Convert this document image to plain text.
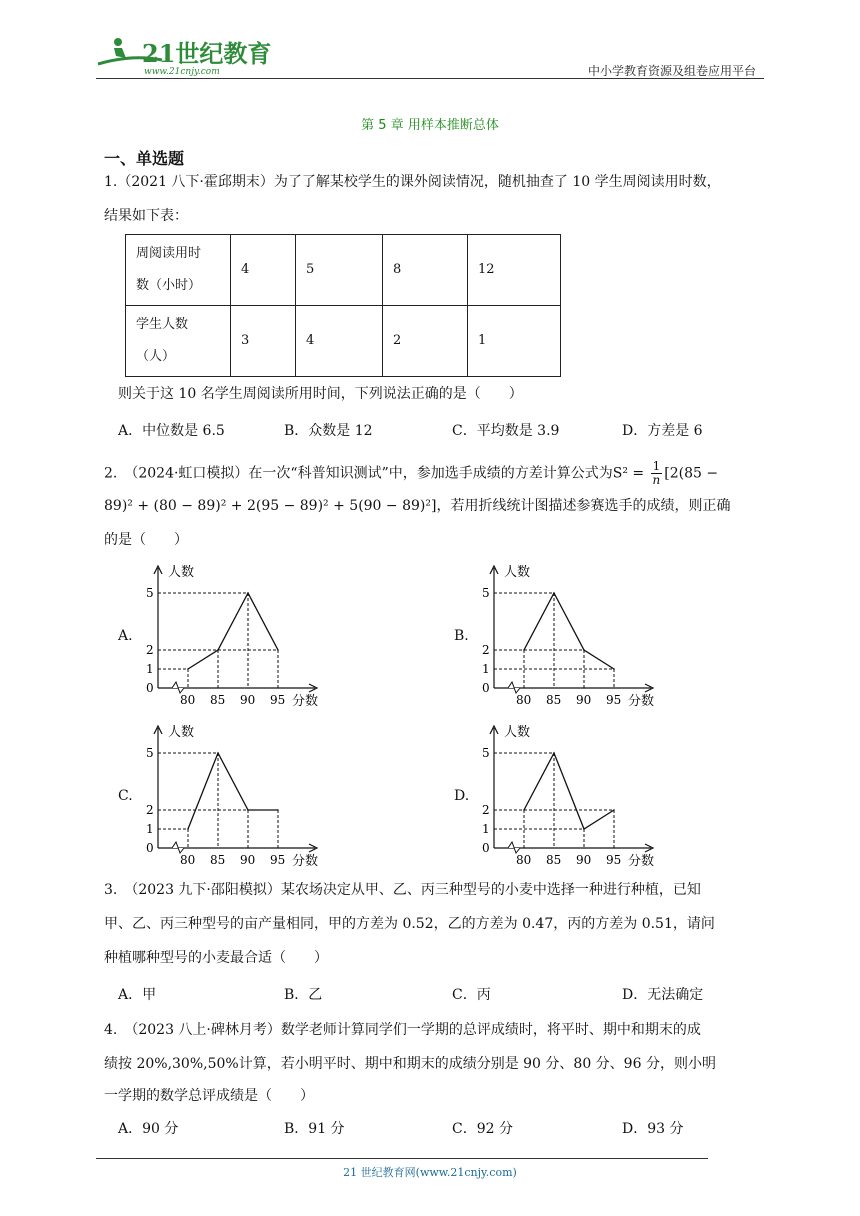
21世纪教育
www.21cnjy.com	中小学教育资源及组卷应用平台
第 5 章 用样本推断总体
一、单选题
1.（2021 八下·霍邱期末）为了了解某校学生的课外阅读情况，随机抽查了 10 学生周阅读用时数，
结果如下表：
周阅读用时
数（小时）	4	5	8	12
学生人数
（人）	3	4	2	1
则关于这 10 名学生周阅读所用时间，下列说法正确的是（　　）
A．中位数是 6.5	B．众数是 12	C．平均数是 3.9	D．方差是 6
2.　（2024·虹口模拟）在一次“科普知识测试”中，参加选手成绩的方差计算公式为$S^2 = \frac{1}{n} [2(85$ −
89)² + (80 − 89)² + 2(95 − 89)² + 5(90 − 89)²]，若用折线统计图描述参赛选手的成绩，则正确
的是（　　）
A.	B.
C.	D.
人数
分数
0
1
2
5
80 85 90 95
人数
分数
0
1
2
5
80 85 90 95
人数
分数
0
1
2
5
80 85 90 95
人数
分数
0
1
2
5
80 85 90 95
3.　（2023 九下·邵阳模拟）某农场决定从甲、乙、丙三种型号的小麦中选择一种进行种植，已知
甲、乙、丙三种型号的亩产量相同，甲的方差为 0.52，乙的方差为 0.47，丙的方差为 0.51，请问
种植哪种型号的小麦最合适（　　）
A．甲	B．乙	C．丙	D．无法确定
4.　（2023 八上·碑林月考）数学老师计算同学们一学期的总评成绩时，将平时、期中和期末的成
绩按 20%,30%,50%计算，若小明平时、期中和期末的成绩分别是 90 分、80 分、96 分，则小明
一学期的数学总评成绩是（　　）
A．90 分	B．91 分	C．92 分	D．93 分
21 世纪教育网(www.21cnjy.com)
